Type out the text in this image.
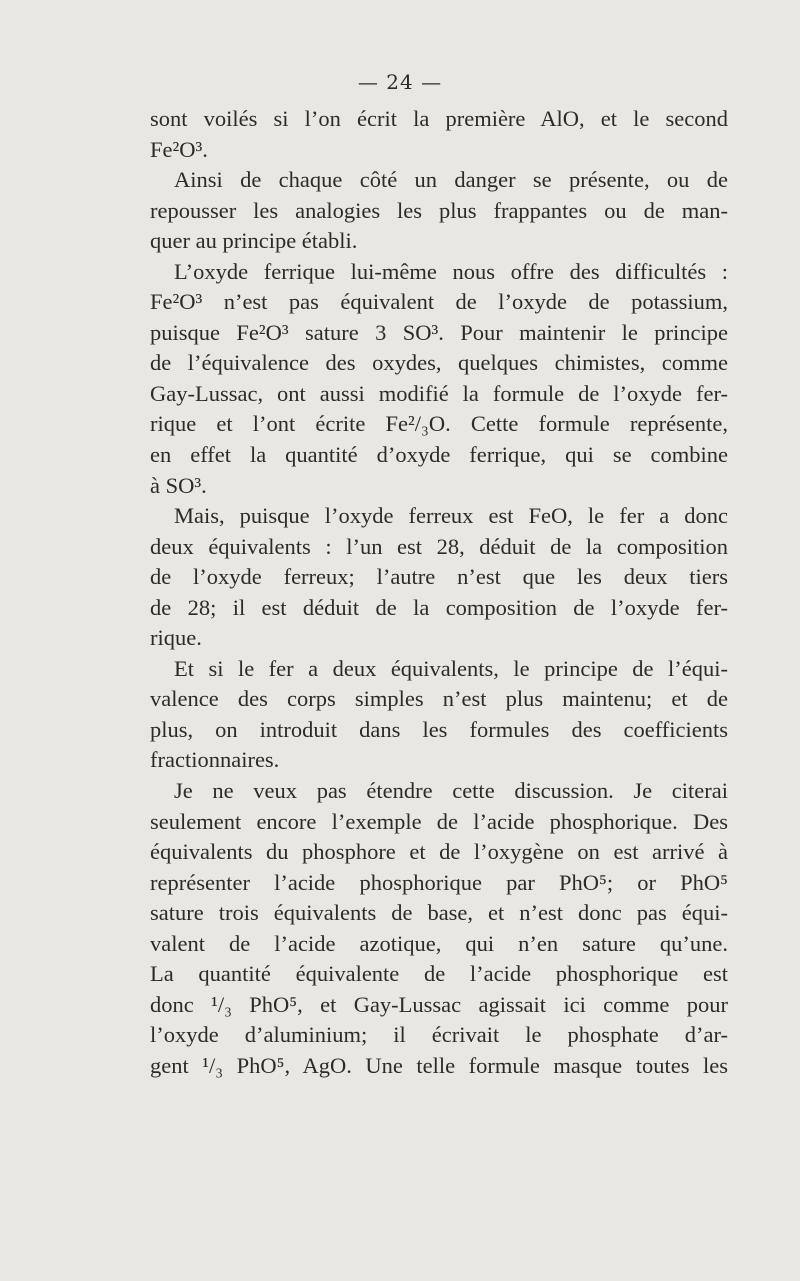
— 24 —
sont voilés si l’on écrit la première AlO, et le second
Fe²O³.
Ainsi de chaque côté un danger se présente, ou de
repousser les analogies les plus frappantes ou de man-
quer au principe établi.
L’oxyde ferrique lui-même nous offre des difficultés :
Fe²O³ n’est pas équivalent de l’oxyde de potassium,
puisque Fe²O³ sature 3 SO³. Pour maintenir le principe
de l’équivalence des oxydes, quelques chimistes, comme
Gay-Lussac, ont aussi modifié la formule de l’oxyde fer-
rique et l’ont écrite Fe²/₃O. Cette formule représente,
en effet la quantité d’oxyde ferrique, qui se combine
à SO³.
Mais, puisque l’oxyde ferreux est FeO, le fer a donc
deux équivalents : l’un est 28, déduit de la composition
de l’oxyde ferreux; l’autre n’est que les deux tiers
de 28; il est déduit de la composition de l’oxyde fer-
rique.
Et si le fer a deux équivalents, le principe de l’équi-
valence des corps simples n’est plus maintenu; et de
plus, on introduit dans les formules des coefficients
fractionnaires.
Je ne veux pas étendre cette discussion. Je citerai
seulement encore l’exemple de l’acide phosphorique. Des
équivalents du phosphore et de l’oxygène on est arrivé à
représenter l’acide phosphorique par PhO⁵; or PhO⁵
sature trois équivalents de base, et n’est donc pas équi-
valent de l’acide azotique, qui n’en sature qu’une.
La quantité équivalente de l’acide phosphorique est
donc ¹/₃ PhO⁵, et Gay-Lussac agissait ici comme pour
l’oxyde d’aluminium; il écrivait le phosphate d’ar-
gent ¹/₃ PhO⁵, AgO. Une telle formule masque toutes les
